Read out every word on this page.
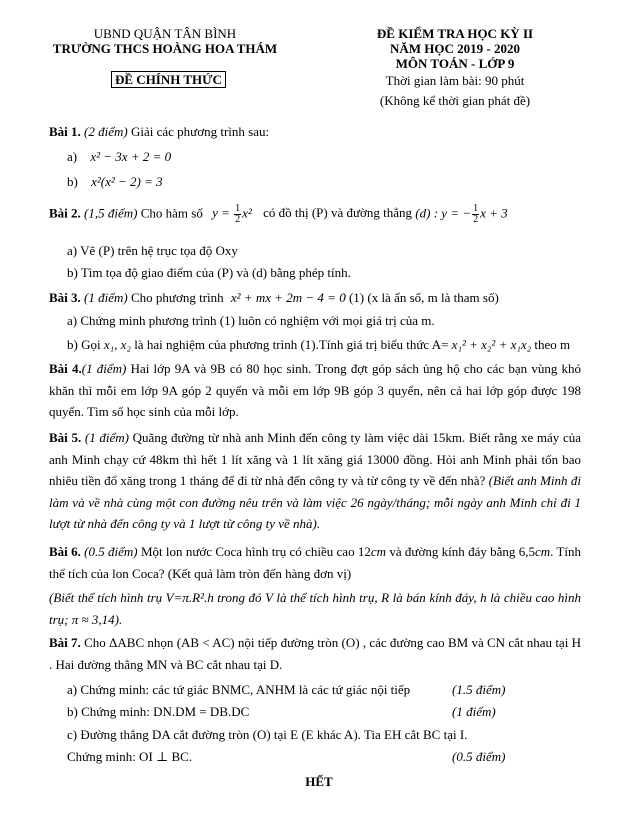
UBND QUẬN TÂN BÌNH
TRƯỜNG THCS HOÀNG HOA THÁM
ĐỀ CHÍNH THỨC
ĐỀ KIỂM TRA HỌC KỲ II
NĂM HỌC 2019 - 2020
MÔN TOÁN - LỚP 9
Thời gian làm bài: 90 phút
(Không kể thời gian phát đề)
Bài 1. (2 điểm) Giải các phương trình sau:
a) x² − 3x + 2 = 0
b) x²(x² − 2) = 3
Bài 2. (1,5 điểm) Cho hàm số $y = \frac{1}{2} x^2$ có đồ thị (P) và đường thẳng (d) : y = − $\frac{1}{2}$ x + 3
a) Vẽ (P) trên hệ trục tọa độ Oxy
b) Tìm tọa độ giao điểm của (P) và (d) bằng phép tính.
Bài 3. (1 điểm) Cho phương trình x² + mx + 2m − 4 = 0 (1) (x là ẩn số, m là tham số)
a) Chứng minh phương trình (1) luôn có nghiệm với mọi giá trị của m.
b) Gọi x₁, x₂ là hai nghiệm của phương trình (1).Tính giá trị biểu thức A= x₁² + x₂² + x₁x₂ theo m
Bài 4.(1 điểm) Hai lớp 9A và 9B có 80 học sinh. Trong đợt góp sách ủng hộ cho các bạn vùng khó khăn thì mỗi em lớp 9A góp 2 quyển và mỗi em lớp 9B góp 3 quyển, nên cả hai lớp góp được 198 quyển. Tìm số học sinh của mỗi lớp.
Bài 5. (1 điểm) Quãng đường từ nhà anh Minh đến công ty làm việc dài 15km. Biết rằng xe máy của anh Minh chạy cứ 48km thì hết 1 lít xăng và 1 lít xăng giá 13000 đồng. Hỏi anh Minh phải tốn bao nhiêu tiền đổ xăng trong 1 tháng để đi từ nhà đến công ty và từ công ty về đến nhà? (Biết anh Minh đi làm và về nhà cùng một con đường nêu trên và làm việc 26 ngày/tháng; mỗi ngày anh Minh chỉ đi 1 lượt từ nhà đến công ty và 1 lượt từ công ty về nhà).
Bài 6. (0.5 điểm) Một lon nước Coca hình trụ có chiều cao 12cm và đường kính đáy bằng 6,5cm. Tính thể tích của lon Coca? (Kết quả làm tròn đến hàng đơn vị)
(Biết thể tích hình trụ V=π.R².h trong đó V là thể tích hình trụ, R là bán kính đáy, h là chiều cao hình trụ; π ≈ 3,14).
Bài 7. Cho ΔABC nhọn (AB < AC) nội tiếp đường tròn (O) , các đường cao BM và CN cắt nhau tại H . Hai đường thẳng MN và BC cắt nhau tại D.
a) Chứng minh: các tứ giác BNMC, ANHM là các tứ giác nội tiếp	(1.5 điểm)
b) Chứng minh: DN.DM = DB.DC	(1 điểm)
c) Đường thẳng DA cắt đường tròn (O) tại E (E khác A). Tia EH cắt BC tại I.
Chứng minh: OI ⊥ BC.	(0.5 điểm)
HẾT
